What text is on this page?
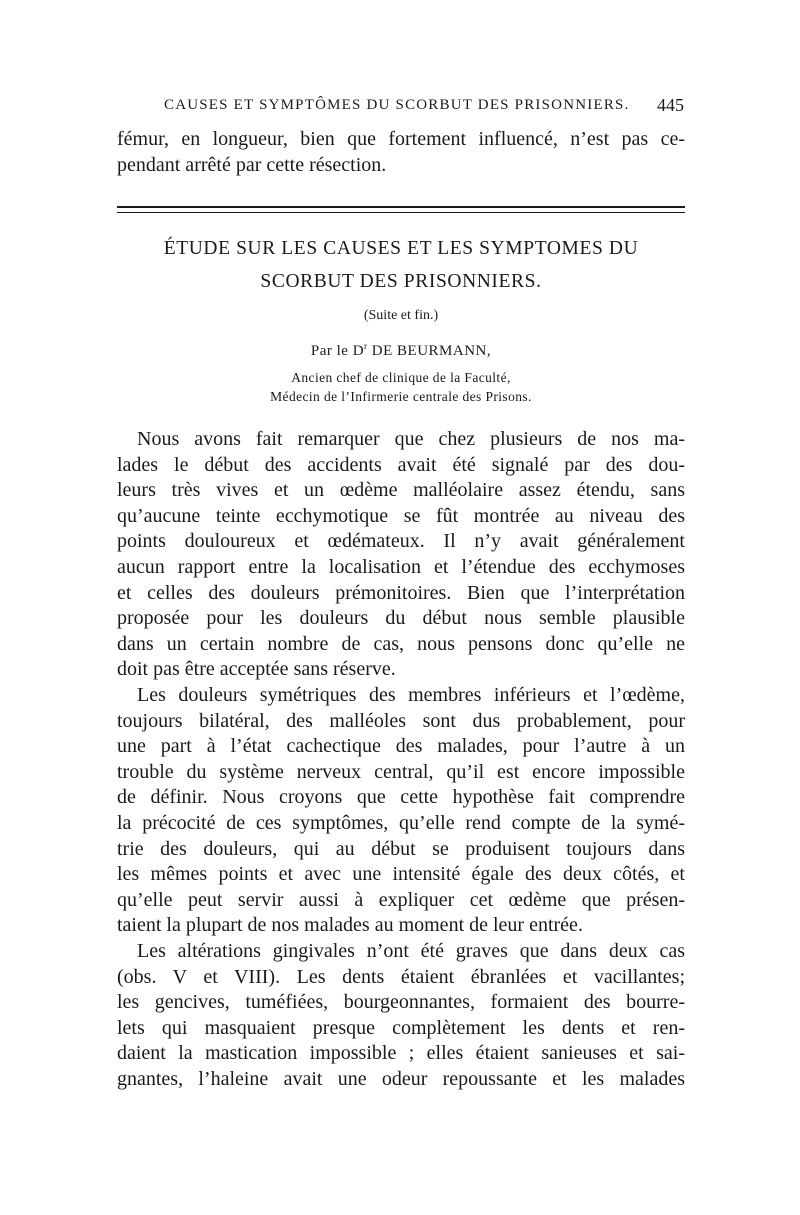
CAUSES ET SYMPTÔMES DU SCORBUT DES PRISONNIERS. 445
fémur, en longueur, bien que fortement influencé, n’est pas ce-
pendant arrêté par cette résection.
ÉTUDE SUR LES CAUSES ET LES SYMPTOMES DU
SCORBUT DES PRISONNIERS.
(Suite et fin.)
Par le $D^r$ DE BEURMANN,
Ancien chef de clinique de la Faculté,
Médecin de l’Infirmerie centrale des Prisons.
Nous avons fait remarquer que chez plusieurs de nos ma-
lades le début des accidents avait été signalé par des dou-
leurs très vives et un œdème malléolaire assez étendu, sans
qu’aucune teinte ecchymotique se fût montrée au niveau des
points douloureux et œdémateux. Il n’y avait généralement
aucun rapport entre la localisation et l’étendue des ecchymoses
et celles des douleurs prémonitoires. Bien que l’interprétation
proposée pour les douleurs du début nous semble plausible
dans un certain nombre de cas, nous pensons donc qu’elle ne
doit pas être acceptée sans réserve.
Les douleurs symétriques des membres inférieurs et l’œdème,
toujours bilatéral, des malléoles sont dus probablement, pour
une part à l’état cachectique des malades, pour l’autre à un
trouble du système nerveux central, qu’il est encore impossible
de définir. Nous croyons que cette hypothèse fait comprendre
la précocité de ces symptômes, qu’elle rend compte de la symé-
trie des douleurs, qui au début se produisent toujours dans
les mêmes points et avec une intensité égale des deux côtés, et
qu’elle peut servir aussi à expliquer cet œdème que présen-
taient la plupart de nos malades au moment de leur entrée.
Les altérations gingivales n’ont été graves que dans deux cas
(obs. V et VIII). Les dents étaient ébranlées et vacillantes;
les gencives, tuméfiées, bourgeonnantes, formaient des bourre-
lets qui masquaient presque complètement les dents et ren-
daient la mastication impossible ; elles étaient sanieuses et sai-
gnantes, l’haleine avait une odeur repoussante et les malades
